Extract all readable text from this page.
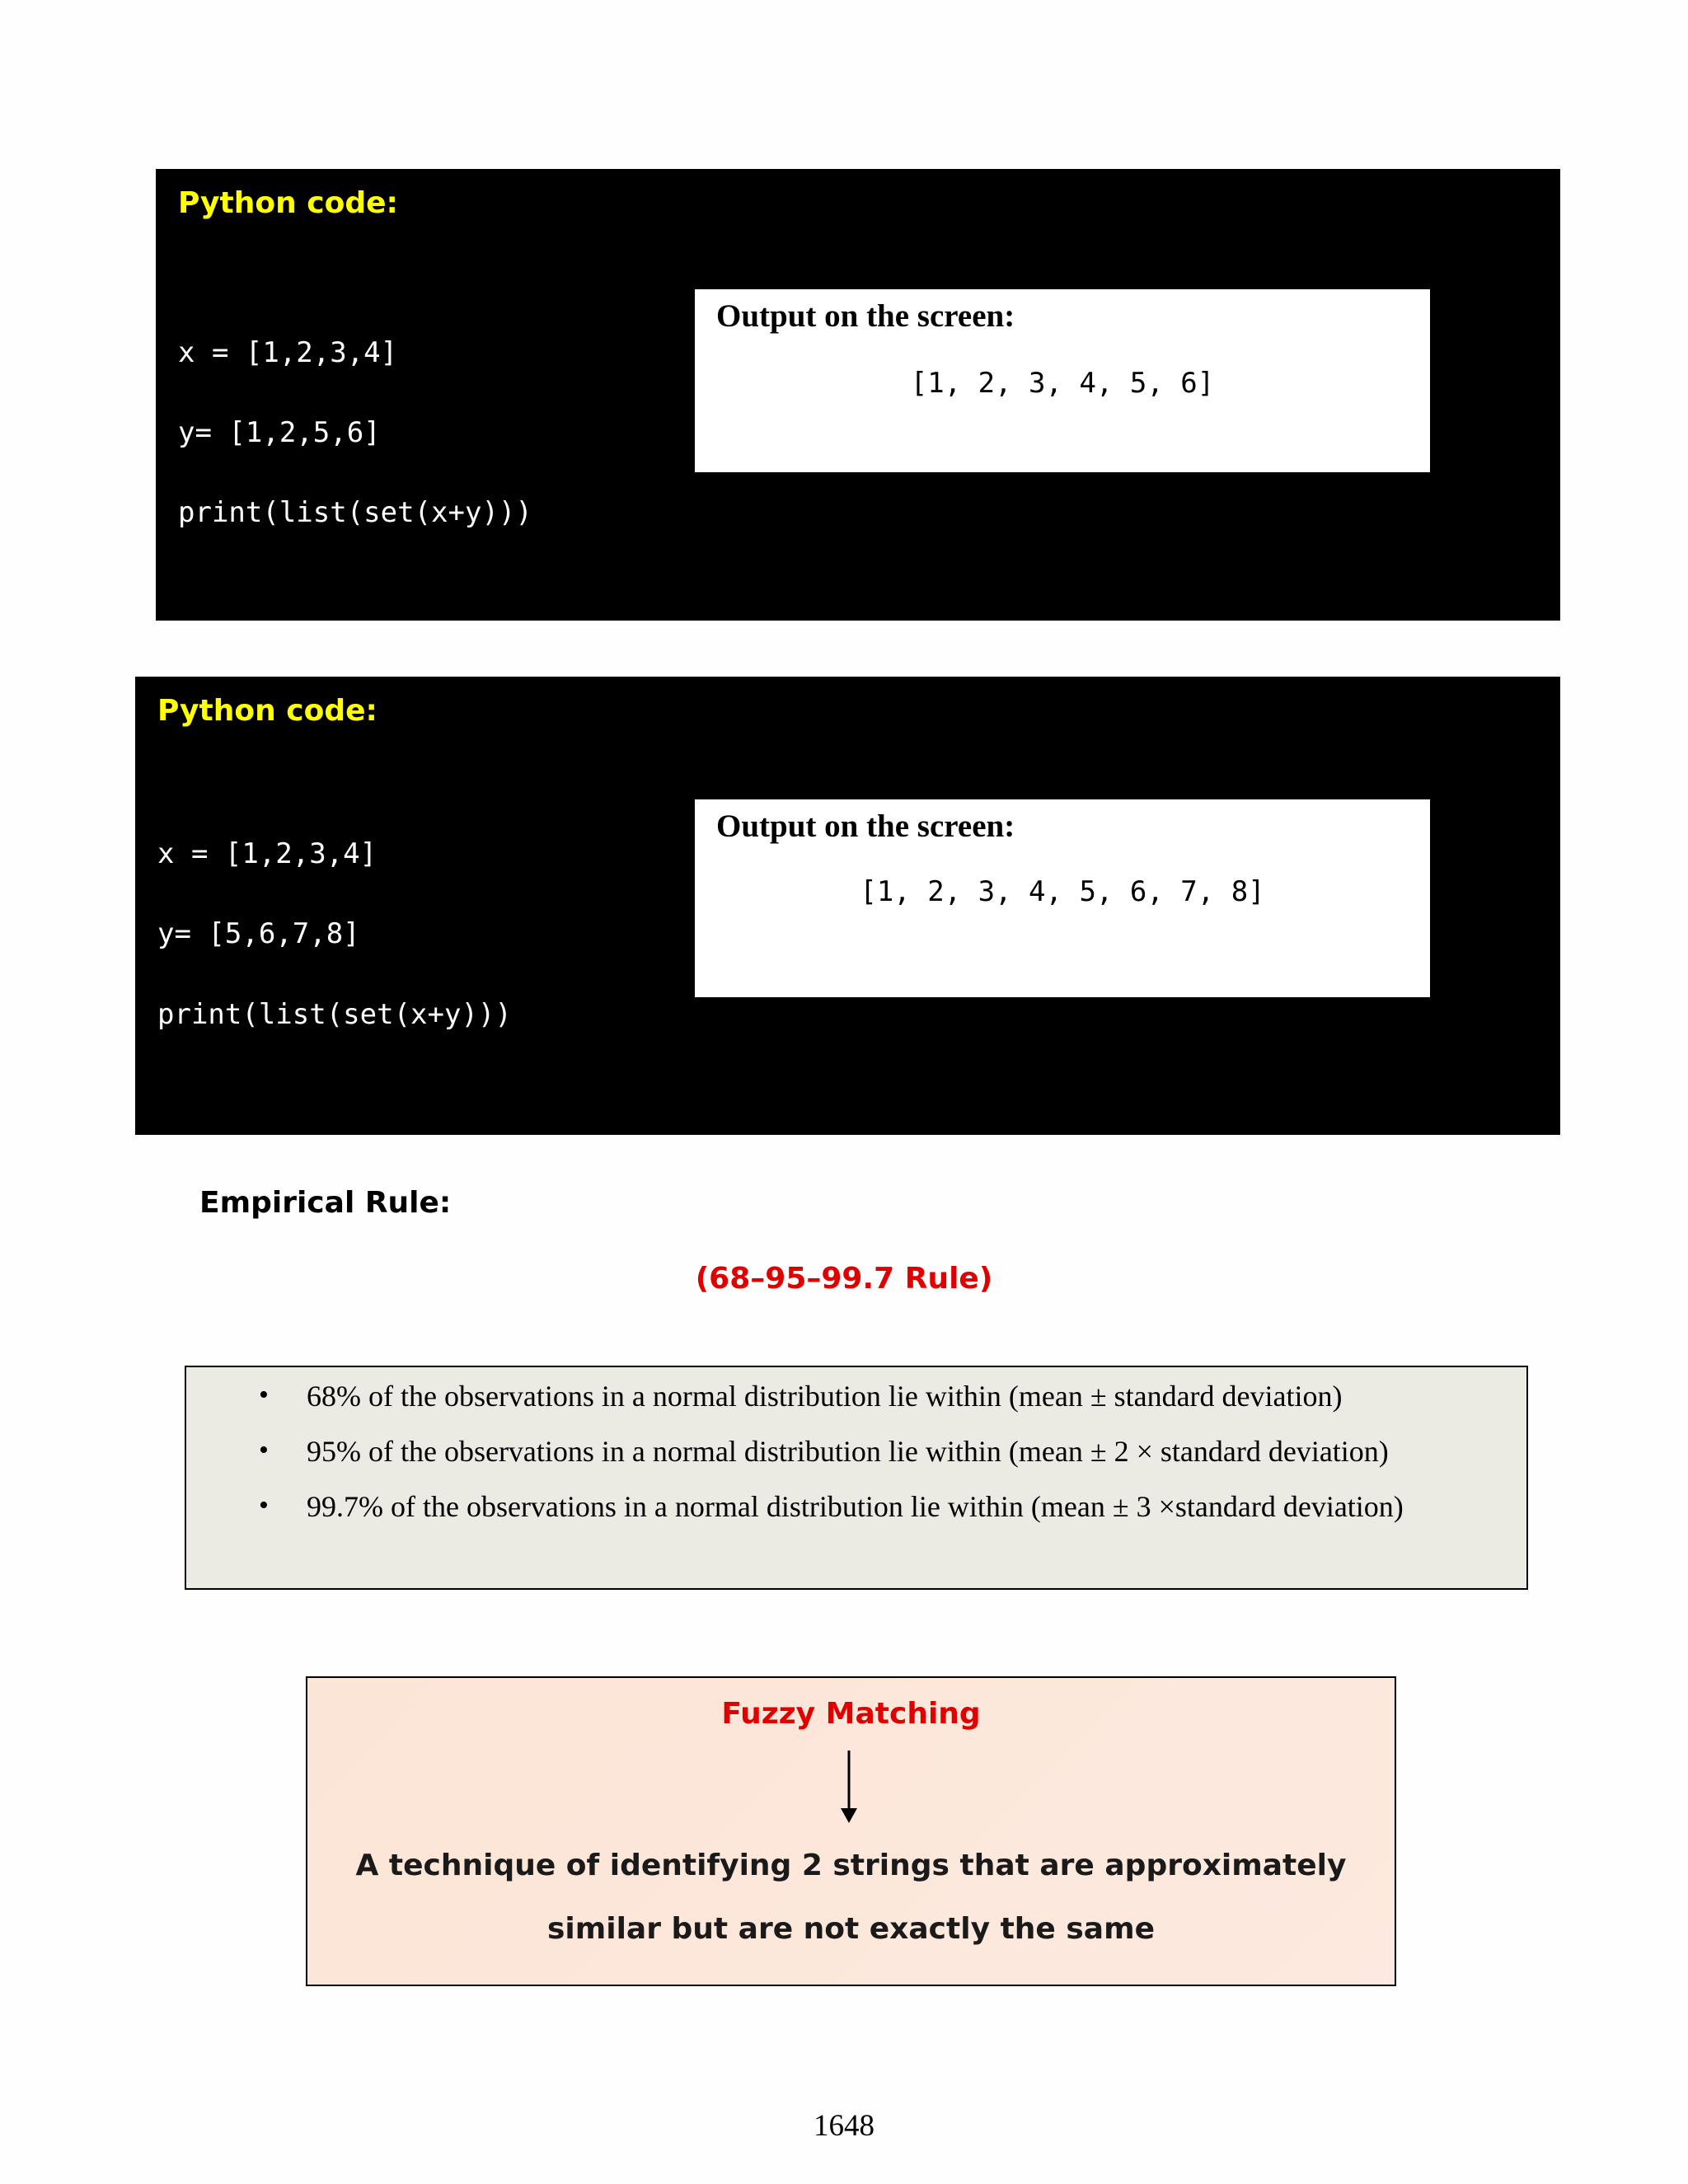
Python code:

x = [1,2,3,4]

y= [1,2,5,6]

print(list(set(x+y)))

Output on the screen:

[1, 2, 3, 4, 5, 6]

Python code:

x = [1,2,3,4]

y= [5,6,7,8]

print(list(set(x+y)))

Output on the screen:

[1, 2, 3, 4, 5, 6, 7, 8]

Empirical Rule:

(68–95–99.7 Rule)

• 68% of the observations in a normal distribution lie within (mean ± standard deviation)
• 95% of the observations in a normal distribution lie within (mean ± 2 × standard deviation)
• 99.7% of the observations in a normal distribution lie within (mean ± 3 ×standard deviation)

Fuzzy Matching

A technique of identifying 2 strings that are approximately

similar but are not exactly the same

1648
